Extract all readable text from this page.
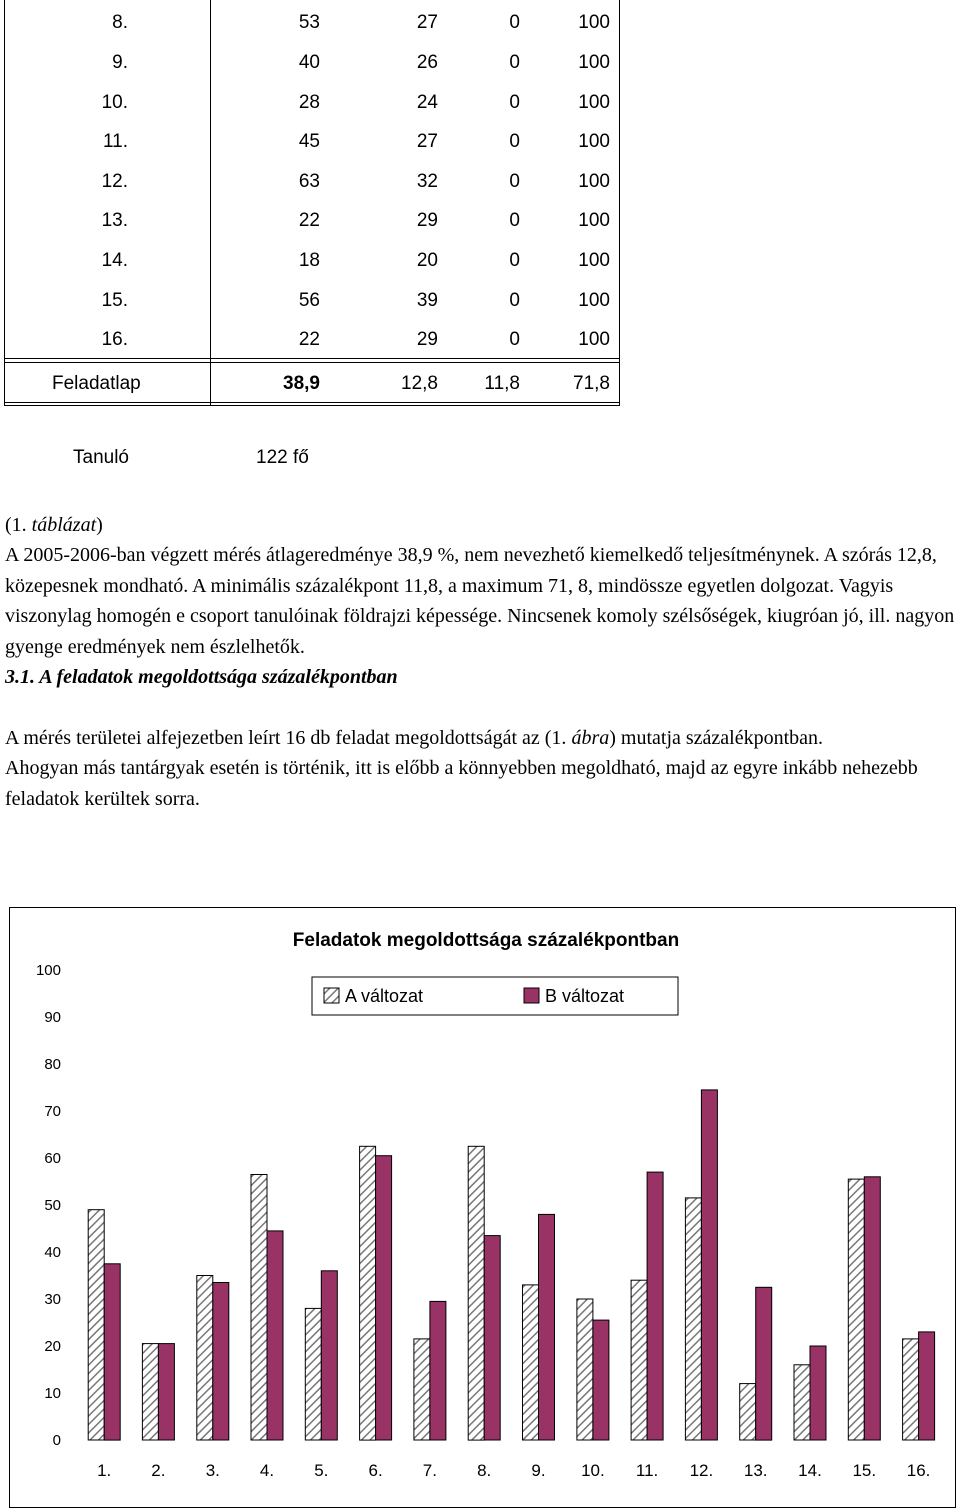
8.	53	27	0	100
9.	40	26	0	100
10.	28	24	0	100
11.	45	27	0	100
12.	63	32	0	100
13.	22	29	0	100
14.	18	20	0	100
15.	56	39	0	100
16.	22	29	0	100
Feladatlap	38,9	12,8	11,8	71,8
Tanuló	122 fő

(1. táblázat)

A 2005-2006-ban végzett mérés átlageredménye 38,9 %, nem nevezhető kiemelkedő teljesítménynek. A szórás 12,8, közepesnek mondható. A minimális százalékpont 11,8, a maximum 71, 8, mindössze egyetlen dolgozat. Vagyis viszonylag homogén e csoport tanulóinak földrajzi képessége. Nincsenek komoly szélsőségek, kiugróan jó, ill. nagyon gyenge eredmények nem észlelhetők.

3.1. A feladatok megoldottsága százalékpontban

A mérés területei alfejezetben leírt 16 db feladat megoldottságát az (1. ábra) mutatja százalékpontban.

Ahogyan más tantárgyak esetén is történik, itt is előbb a könnyebben megoldható, majd az egyre inkább nehezebb feladatok kerültek sorra.

Feladatok megoldottsága százalékpontban
A változat	B változat
0
10
20
30
40
50
60
70
80
90
100
1. 2. 3. 4. 5. 6. 7. 8. 9. 10. 11. 12. 13. 14. 15. 16.
